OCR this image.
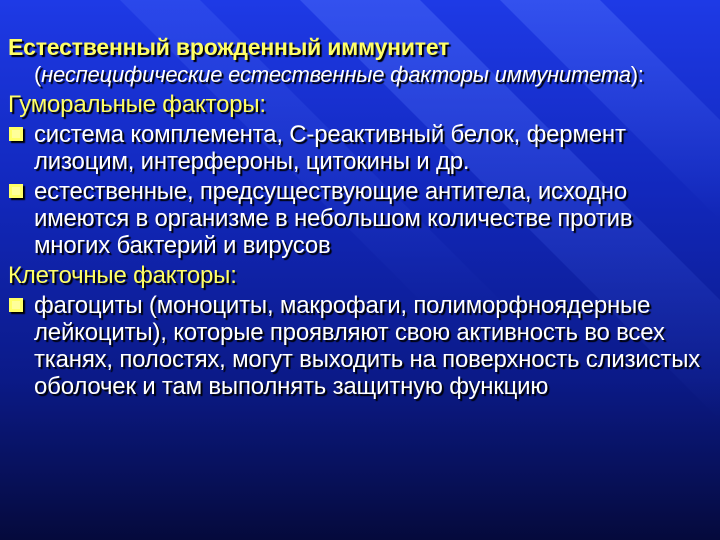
Естественный врожденный иммунитет
(неспецифические естественные факторы иммунитета):
Гуморальные факторы:
система комплемента, С-реактивный белок, фермент лизоцим, интерфероны, цитокины и др.
естественные, предсуществующие антитела, исходно имеются в организме в небольшом количестве против многих бактерий и вирусов
Клеточные факторы:
фагоциты (моноциты, макрофаги, полиморфноядерные лейкоциты), которые проявляют свою активность во всех тканях, полостях, могут выходить на поверхность слизистых оболочек и там выполнять защитную функцию
